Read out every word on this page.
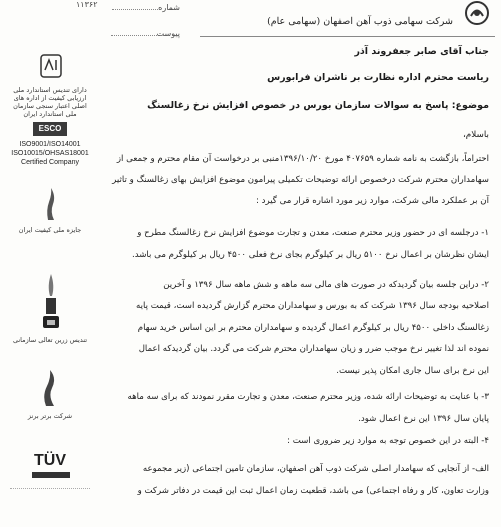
شماره
پیوست
۱۱۳۶۲
شرکت سهامی ذوب آهن اصفهان (سهامی عام)
دارای تندیس استاندارد ملی ارزیابی کیفیت از اداره های اصلی اعتبار سنجی سازمان ملی استاندارد ایران
ESCO
ISO9001/ISO14001
ISO10015/OHSAS18001
Certified Company
جایزه ملی کیفیت ایران
تندیس زرین تعالی سازمانی
شرکت برتر برنز
TÜV
جناب آقای صابر جعفروند آذر
ریاست محترم اداره نظارت بر ناشران فرابورس
موضوع: پاسخ به سوالات سازمان بورس در خصوص افزایش نرخ زغالسنگ
باسلام،
احتراماً، بازگشت به نامه شماره ۴۰۷۶۵۹ مورخ ۱۳۹۶/۱۰/۲۰منبی بر درخواست آن مقام محترم و جمعی از
سهامداران محترم شرکت درخصوص ارائه توضیحات تکمیلی پیرامون موضوع افزایش بهای زغالسنگ و تاثیر
آن بر عملکرد مالی شرکت، موارد زیر مورد اشاره قرار می گیرد :
۱- درجلسه ای در حضور وزیر محترم صنعت، معدن و تجارت موضوع افزایش نرخ زغالسنگ مطرح و
ایشان نظرشان بر اعمال نرخ ۵۱۰۰ ریال بر کیلوگرم بجای نرخ فعلی ۴۵۰۰ ریال بر کیلوگرم می باشد.
۲- دراین جلسه بیان گردیدکه در صورت های مالی سه ماهه و شش ماهه سال ۱۳۹۶ و آخرین
اصلاحیه بودجه سال ۱۳۹۶ شرکت که به بورس و سهامداران محترم گزارش گردیده است، قیمت پایه
زغالسنگ داخلی ۴۵۰۰ ریال بر کیلوگرم اعمال گردیده و سهامداران محترم بر این اساس خرید سهام
نموده اند لذا تغییر نرخ موجب ضرر و زیان سهامداران محترم شرکت می گردد. بیان گردیدکه اعمال
این نرخ برای سال جاری امکان پذیر نیست.
۳- با عنایت به توضیحات ارائه شده، وزیر محترم صنعت، معدن و تجارت مقرر نمودند که برای سه ماهه
پایان سال ۱۳۹۶ این نرخ اعمال شود.
۴- البته در این خصوص توجه به موارد زیر ضروری است :
الف- از آنجایی که سهامدار اصلی شرکت ذوب آهن اصفهان، سازمان تامین اجتماعی (زیر مجموعه
وزارت تعاون، کار و رفاه اجتماعی) می باشد، قطعیت زمان اعمال ثبت این قیمت در دفاتر شرکت و
